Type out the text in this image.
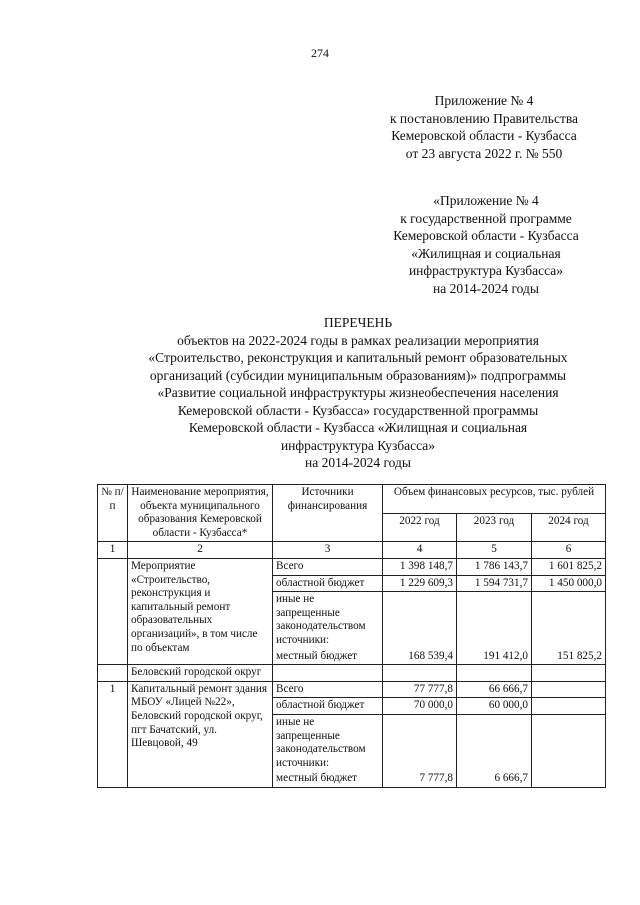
274
Приложение № 4
к постановлению Правительства
Кемеровской области - Кузбасса
от 23 августа 2022 г. № 550
«Приложение № 4
к государственной программе
Кемеровской области - Кузбасса
«Жилищная и социальная
инфраструктура Кузбасса»
на 2014-2024 годы
ПЕРЕЧЕНЬ
объектов на 2022-2024 годы в рамках реализации мероприятия
«Строительство, реконструкция и капитальный ремонт образовательных
организаций (субсидии муниципальным образованиям)» подпрограммы
«Развитие социальной инфраструктуры жизнеобеспечения населения
Кемеровской области - Кузбасса» государственной программы
Кемеровской области - Кузбасса «Жилищная и социальная
инфраструктура Кузбасса»
на 2014-2024 годы
№ п/п	Наименование мероприятия, объекта муниципального образования Кемеровской области - Кузбасса*	Источники финансирования	Объем финансовых ресурсов, тыс. рублей		
			2022 год	2023 год	2024 год
1	2	3	4	5	6
	Мероприятие «Строительство, реконструкция и капитальный ремонт образовательных организаций», в том числе по объектам	Всего	1 398 148,7	1 786 143,7	1 601 825,2
		областной бюджет	1 229 609,3	1 594 731,7	1 450 000,0
		иные не запрещенные законодательством источники:			
		местный бюджет	168 539,4	191 412,0	151 825,2
	Беловский городской округ				
1	Капитальный ремонт здания МБОУ «Лицей №22», Беловский городской округ, пгт Бачатский, ул. Шевцовой, 49	Всего	77 777,8	66 666,7	
		областной бюджет	70 000,0	60 000,0	
		иные не запрещенные законодательством источники:			
		местный бюджет	7 777,8	6 666,7	
